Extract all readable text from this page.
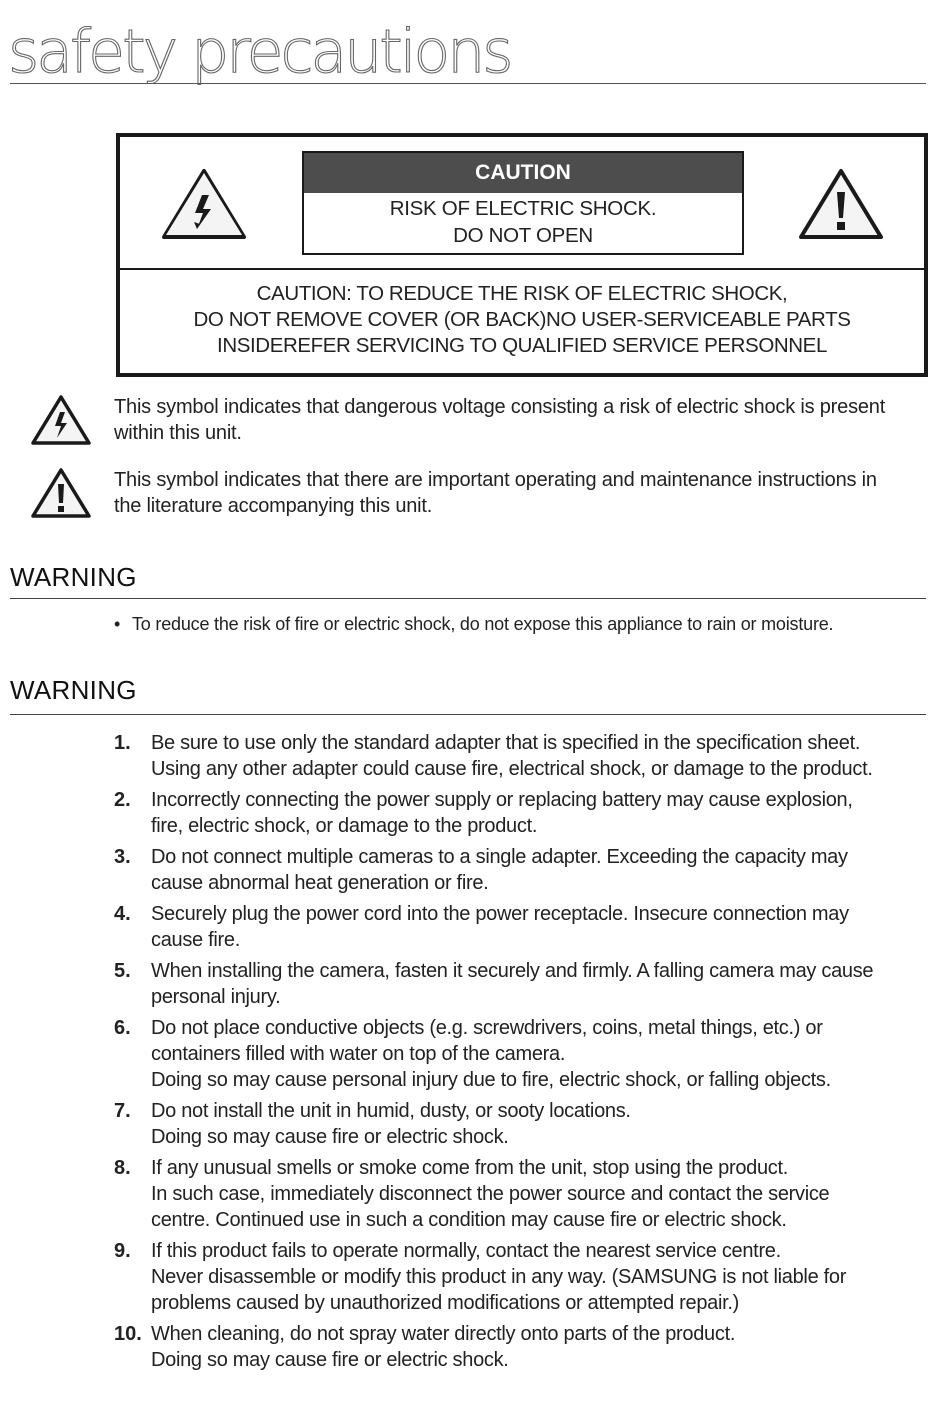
safety precautions
CAUTION
RISK OF ELECTRIC SHOCK.
DO NOT OPEN
CAUTION: TO REDUCE THE RISK OF ELECTRIC SHOCK,
DO NOT REMOVE COVER (OR BACK)NO USER-SERVICEABLE PARTS
INSIDEREFER SERVICING TO QUALIFIED SERVICE PERSONNEL
This symbol indicates that dangerous voltage consisting a risk of electric shock is present
within this unit.
This symbol indicates that there are important operating and maintenance instructions in
the literature accompanying this unit.
WARNING
• To reduce the risk of fire or electric shock, do not expose this appliance to rain or moisture.
WARNING
1. Be sure to use only the standard adapter that is specified in the specification sheet.
Using any other adapter could cause fire, electrical shock, or damage to the product.
2. Incorrectly connecting the power supply or replacing battery may cause explosion,
fire, electric shock, or damage to the product.
3. Do not connect multiple cameras to a single adapter. Exceeding the capacity may
cause abnormal heat generation or fire.
4. Securely plug the power cord into the power receptacle. Insecure connection may
cause fire.
5. When installing the camera, fasten it securely and firmly. A falling camera may cause
personal injury.
6. Do not place conductive objects (e.g. screwdrivers, coins, metal things, etc.) or
containers filled with water on top of the camera.
Doing so may cause personal injury due to fire, electric shock, or falling objects.
7. Do not install the unit in humid, dusty, or sooty locations.
Doing so may cause fire or electric shock.
8. If any unusual smells or smoke come from the unit, stop using the product.
In such case, immediately disconnect the power source and contact the service
centre. Continued use in such a condition may cause fire or electric shock.
9. If this product fails to operate normally, contact the nearest service centre.
Never disassemble or modify this product in any way. (SAMSUNG is not liable for
problems caused by unauthorized modifications or attempted repair.)
10. When cleaning, do not spray water directly onto parts of the product.
Doing so may cause fire or electric shock.
